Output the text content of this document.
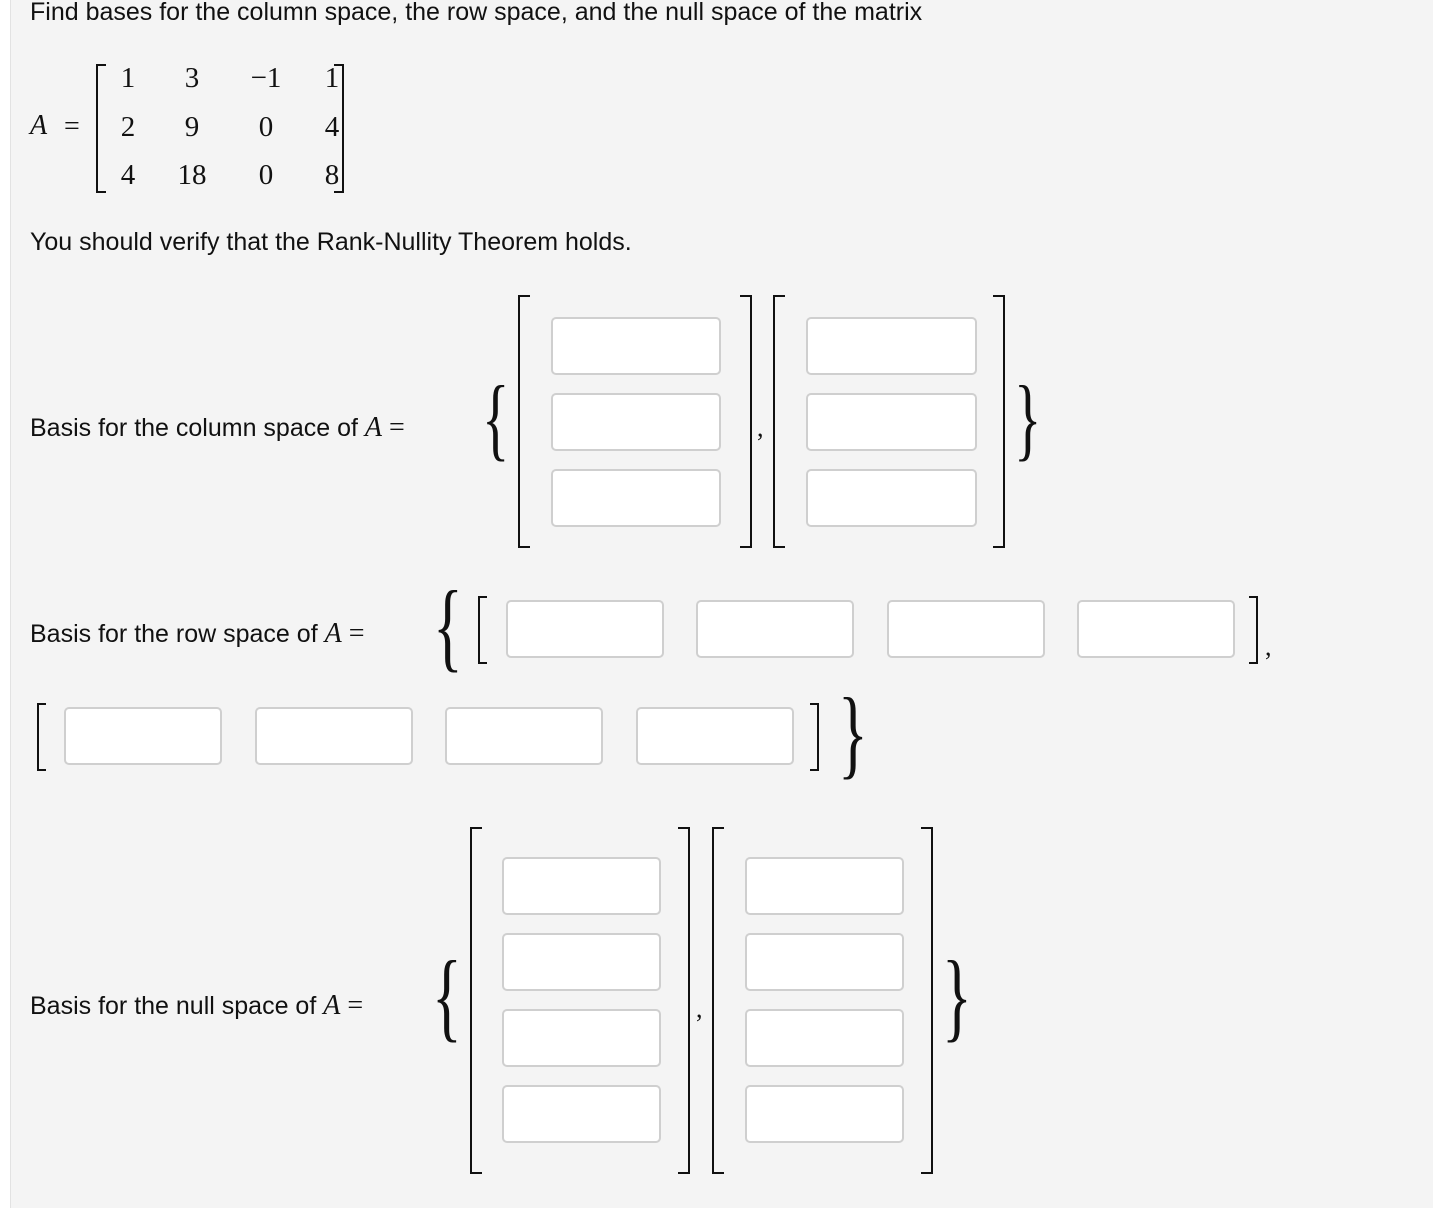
Find bases for the column space, the row space, and the null space of the matrix
A =
1	3	−1	1
2	9	0	4
4	18	0	8
You should verify that the Rank-Nullity Theorem holds.
Basis for the column space of A = {	,	}
Basis for the row space of A = {	,
}
Basis for the null space of A = {	, }
